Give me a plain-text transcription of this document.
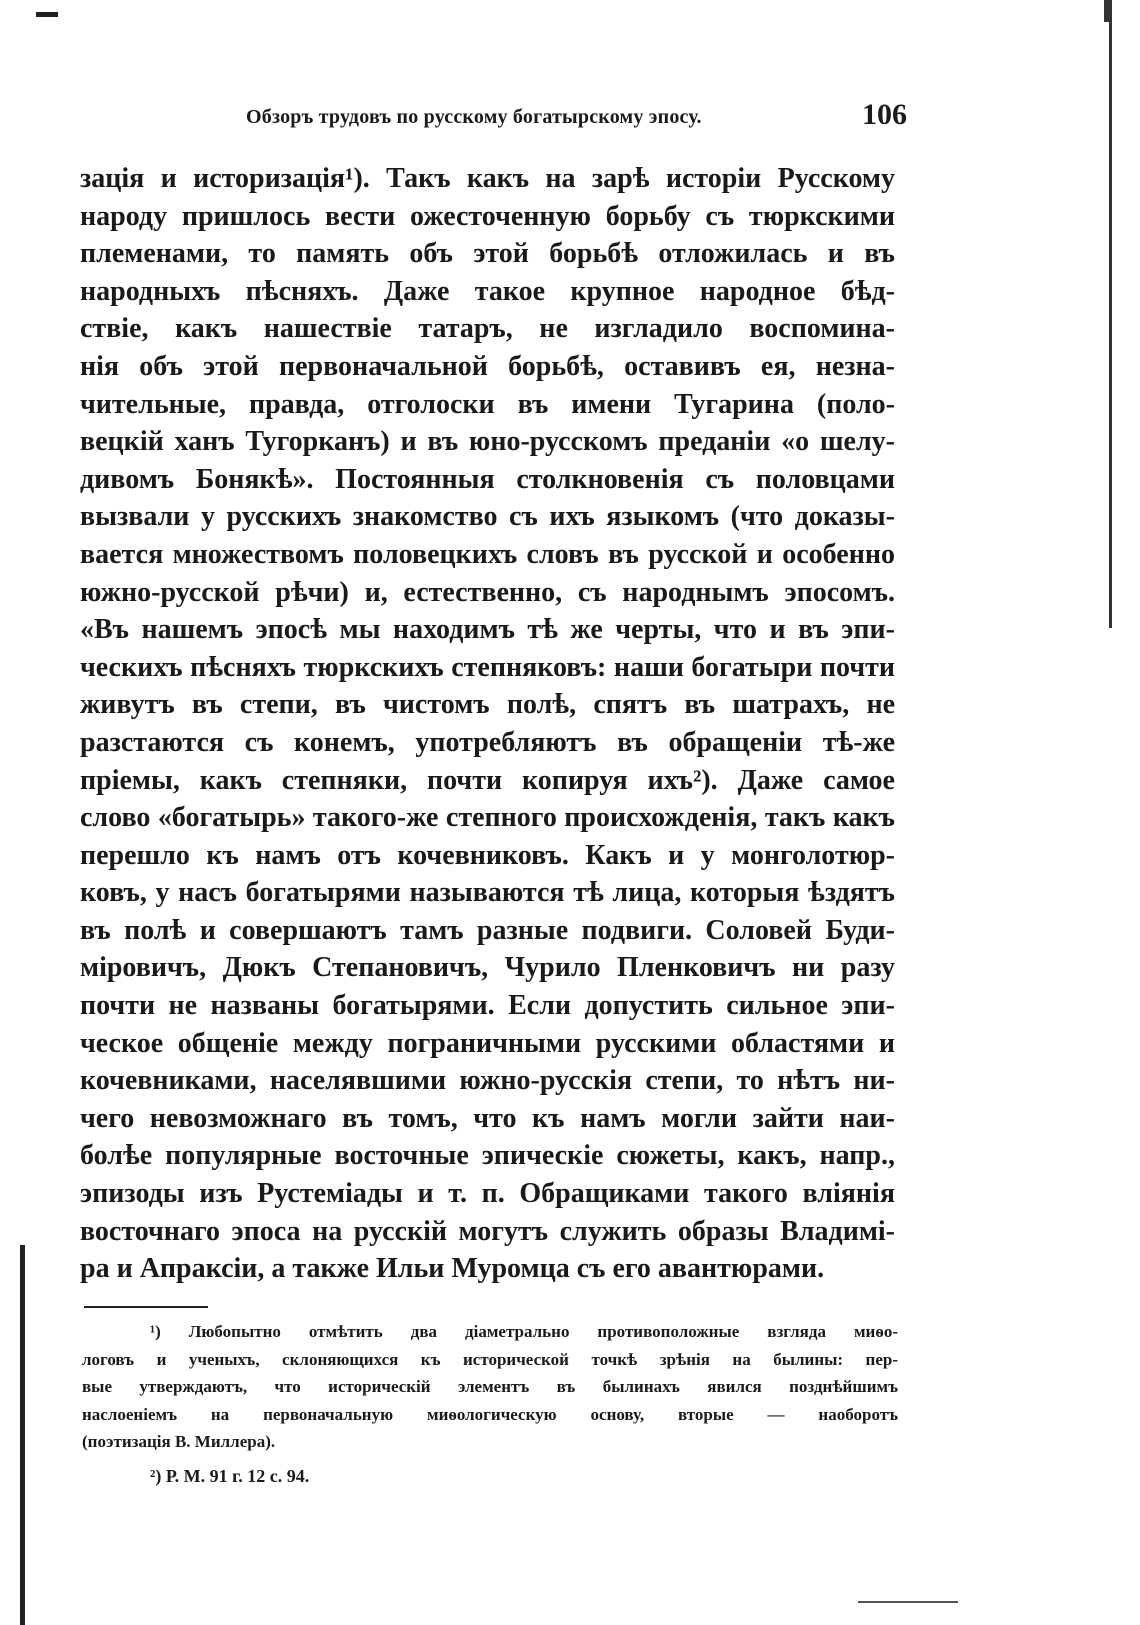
Обзоръ трудовъ по русскому богатырскому эпосу.	106
зація и историзація¹). Такъ какъ на зарѣ исторіи Русскому
народу пришлось вести ожесточенную борьбу съ тюркскими
племенами, то память объ этой борьбѣ отложилась и въ
народныхъ пѣсняхъ. Даже такое крупное народное бѣд-
ствіе, какъ нашествіе татаръ, не изгладило воспомина-
нія объ этой первоначальной борьбѣ, оставивъ ея, незна-
чительные, правда, отголоски въ имени Тугарина (поло-
вецкій ханъ Тугорканъ) и въ юно-русскомъ преданіи «о шелу-
дивомъ Бонякѣ». Постоянныя столкновенія съ половцами
вызвали у русскихъ знакомство съ ихъ языкомъ (что доказы-
вается множествомъ половецкихъ словъ въ русской и особенно
южно-русской рѣчи) и, естественно, съ народнымъ эпосомъ.
«Въ нашемъ эпосѣ мы находимъ тѣ же черты, что и въ эпи-
ческихъ пѣсняхъ тюркскихъ степняковъ: наши богатыри почти
живутъ въ степи, въ чистомъ полѣ, спятъ въ шатрахъ, не
разстаются съ конемъ, употребляютъ въ обращеніи тѣ-же
пріемы, какъ степняки, почти копируя ихъ²). Даже самое
слово «богатырь» такого-же степного происхожденія, такъ какъ
перешло къ намъ отъ кочевниковъ. Какъ и у монголотюр-
ковъ, у насъ богатырями называются тѣ лица, которыя ѣздятъ
въ полѣ и совершаютъ тамъ разные подвиги. Соловей Буди-
міровичъ, Дюкъ Степановичъ, Чурило Пленковичъ ни разу
почти не названы богатырями. Если допустить сильное эпи-
ческое общеніе между пограничными русскими областями и
кочевниками, населявшими южно-русскія степи, то нѣтъ ни-
чего невозможнаго въ томъ, что къ намъ могли зайти наи-
болѣе популярные восточные эпическіе сюжеты, какъ, напр.,
эпизоды изъ Рустеміады и т. п. Обращиками такого вліянія
восточнаго эпоса на русскій могутъ служить образы Владимі-
ра и Апраксіи, а также Ильи Муромца съ его авантюрами.
¹) Любопытно отмѣтить два діаметрально противоположные взгляда миѳо-
логовъ и ученыхъ, склоняющихся къ исторической точкѣ зрѣнія на былины: пер-
вые утверждаютъ, что историческій элементъ въ былинахъ явился позднѣйшимъ
наслоеніемъ на первоначальную миѳологическую основу, вторые — наоборотъ
(поэтизація В. Миллера).
²) Р. М. 91 г. 12 с. 94.
